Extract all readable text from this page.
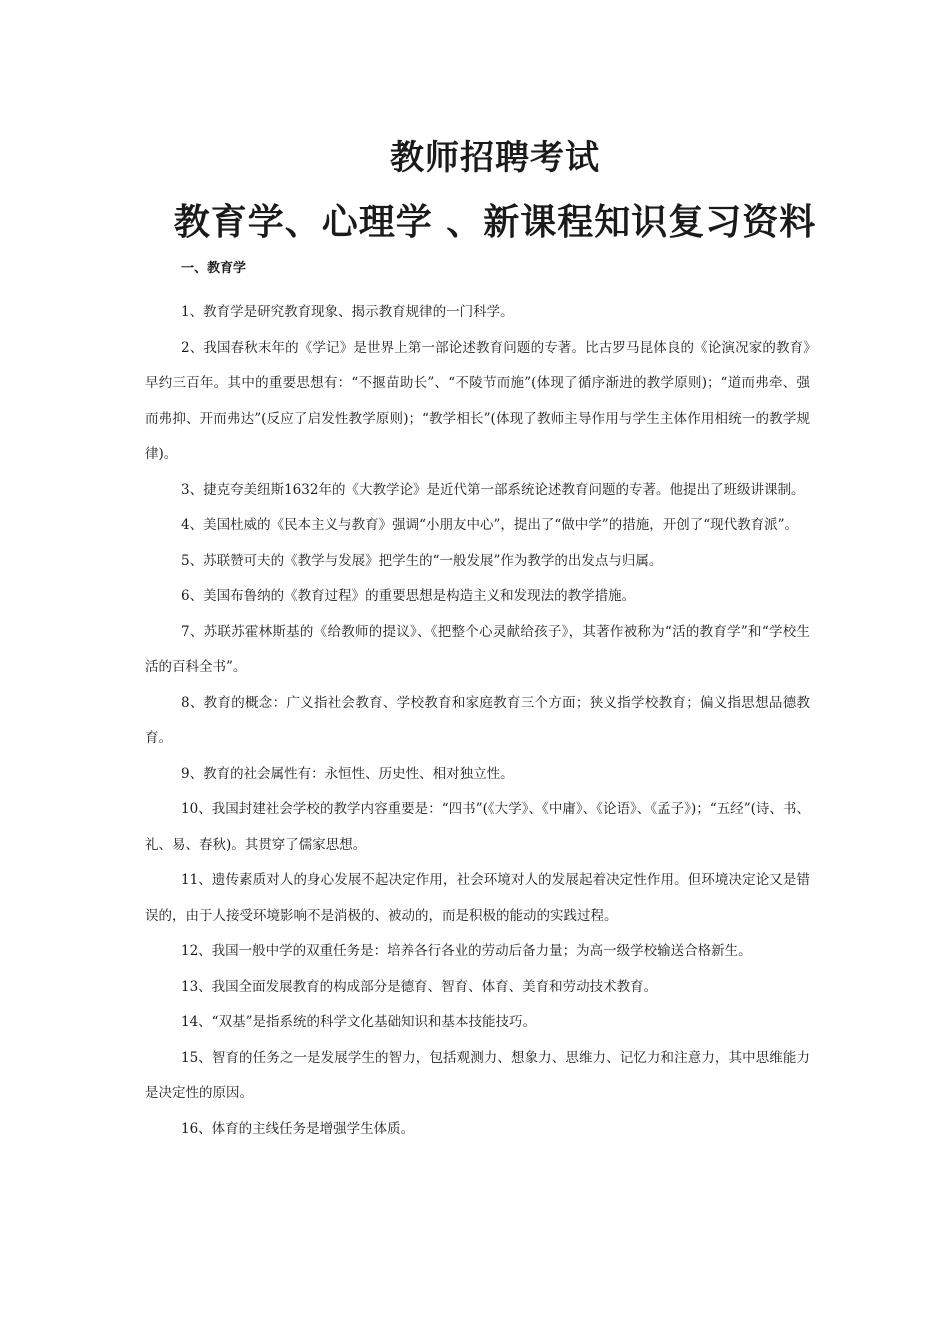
教师招聘考试
教育学、心理学 、新课程知识复习资料
一、教育学

1、教育学是研究教育现象、揭示教育规律的一门科学。

2、我国春秋末年的《学记》是世界上第一部论述教育问题的专著。比古罗马昆体良的《论演况家的教育》早约三百年。其中的重要思想有：“不揠苗助长”、“不陵节而施”(体现了循序渐进的教学原则)；“道而弗牵、强而弗抑、开而弗达”(反应了启发性教学原则)；“教学相长”(体现了教师主导作用与学生主体作用相统一的教学规律)。

3、捷克夸美纽斯1632年的《大教学论》是近代第一部系统论述教育问题的专著。他提出了班级讲课制。

4、美国杜威的《民本主义与教育》强调“小朋友中心”，提出了“做中学”的措施，开创了“现代教育派”。

5、苏联赞可夫的《教学与发展》把学生的“一般发展”作为教学的出发点与归属。

6、美国布鲁纳的《教育过程》的重要思想是构造主义和发现法的教学措施。

7、苏联苏霍林斯基的《给教师的提议》、《把整个心灵献给孩子》，其著作被称为“活的教育学”和“学校生活的百科全书”。

8、教育的概念：广义指社会教育、学校教育和家庭教育三个方面；狭义指学校教育；偏义指思想品德教育。

9、教育的社会属性有：永恒性、历史性、相对独立性。

10、我国封建社会学校的教学内容重要是：“四书”(《大学》、《中庸》、《论语》、《孟子》)；“五经”(诗、书、礼、易、春秋)。其贯穿了儒家思想。

11、遗传素质对人的身心发展不起决定作用，社会环境对人的发展起着决定性作用。但环境决定论又是错误的，由于人接受环境影响不是消极的、被动的，而是积极的能动的实践过程。

12、我国一般中学的双重任务是：培养各行各业的劳动后备力量；为高一级学校输送合格新生。

13、我国全面发展教育的构成部分是德育、智育、体育、美育和劳动技术教育。

14、“双基”是指系统的科学文化基础知识和基本技能技巧。

15、智育的任务之一是发展学生的智力，包括观测力、想象力、思维力、记忆力和注意力，其中思维能力是决定性的原因。

16、体育的主线任务是增强学生体质。
